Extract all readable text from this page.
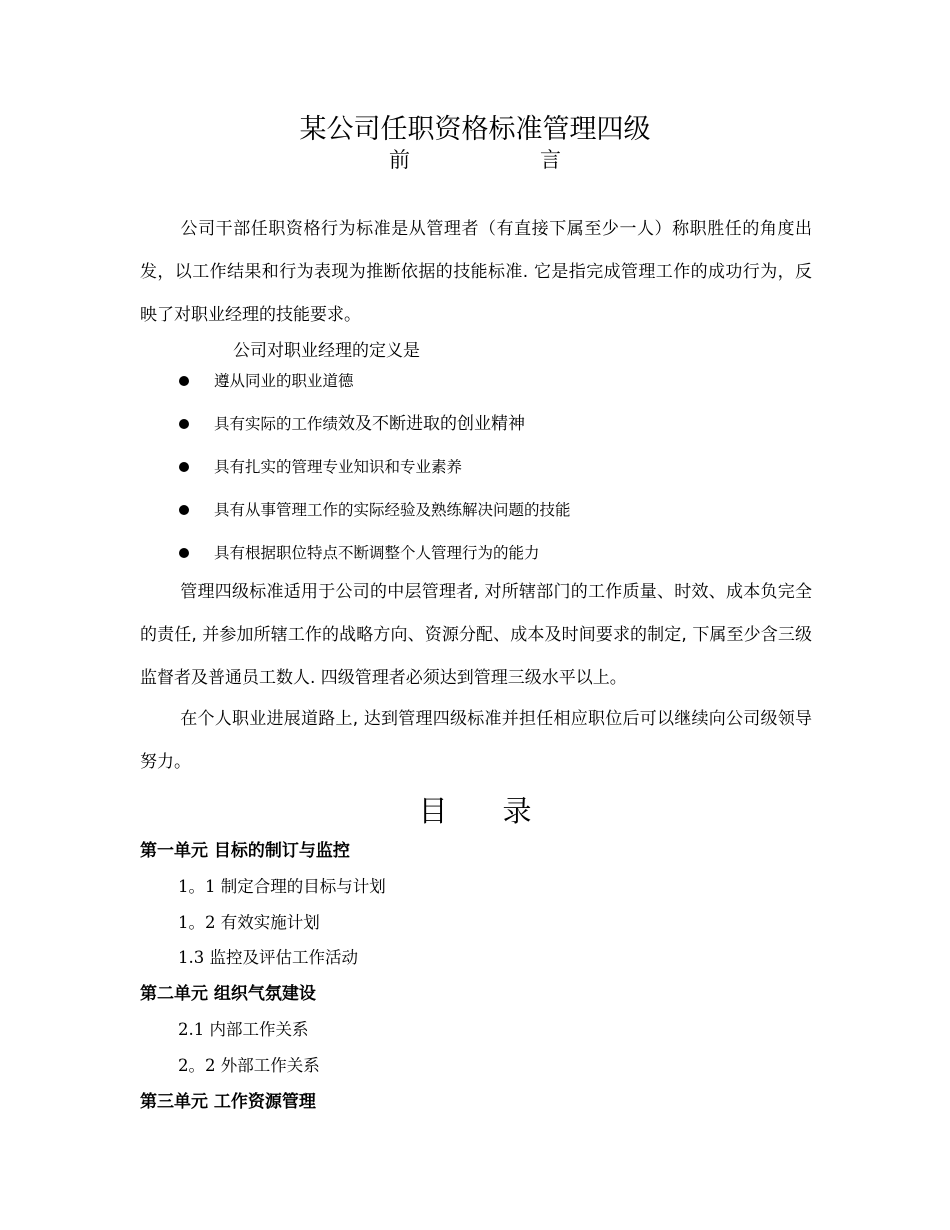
某公司任职资格标准管理四级
前	言
公司干部任职资格行为标准是从管理者（有直接下属至少一人）称职胜任的角度出发，以工作结果和行为表现为推断依据的技能标准. 它是指完成管理工作的成功行为，反映了对职业经理的技能要求。
公司对职业经理的定义是
遵从同业的职业道德
具有实际的工作绩 效及不断进取的创业精神
具有扎实的管理专业知识和专业素养
具有从事管理工作的实际经验及熟练解决问题的技能
具有根据职位特点不断调整个人管理行为的能力
管理四级标准适用于公司的中层管理者, 对所辖部门的工作质量、时效、成本负完全的责任, 并参加所辖工作的战略方向、资源分配、成本及时间要求的制定, 下属至少含三级监督者及普通员工数人. 四级管理者必须达到管理三级水平以上。
在个人职业进展道路上, 达到管理四级标准并担任相应职位后可以继续向公司级领导努力。
目 录
第一单元 目标的制订与监控
1。1 制定合理的目标与计划
1。2 有效实施计划
1.3 监控及评估工作活动
第二单元 组织气氛建设
2.1 内部工作关系
2。2 外部工作关系
第三单元 工作资源管理
